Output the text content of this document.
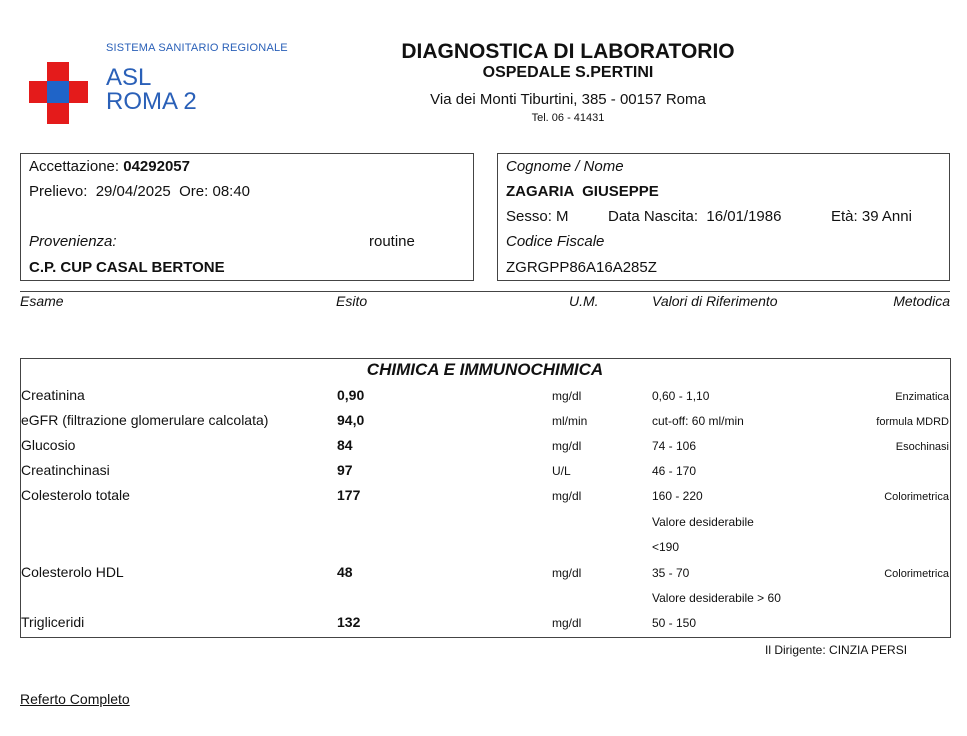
SISTEMA SANITARIO REGIONALE
ASL
ROMA 2
DIAGNOSTICA DI LABORATORIO
OSPEDALE S.PERTINI
Via dei Monti Tiburtini, 385 - 00157 Roma
Tel. 06 - 41431
Accettazione: 04292057
Prelievo: 29/04/2025 Ore: 08:40
Provenienza:	routine
C.P. CUP CASAL BERTONE
Cognome / Nome
ZAGARIA  GIUSEPPE
Sesso: M	Data Nascita: 16/01/1986	Età: 39 Anni
Codice Fiscale
ZGRGPP86A16A285Z
Esame	Esito	U.M.	Valori di Riferimento	Metodica
CHIMICA E IMMUNOCHIMICA
Creatinina	0,90	mg/dl	0,60 - 1,10	Enzimatica
eGFR (filtrazione glomerulare calcolata)	94,0	ml/min	cut-off: 60 ml/min	formula MDRD
Glucosio	84	mg/dl	74 - 106	Esochinasi
Creatinchinasi	97	U/L	46 - 170
Colesterolo totale	177	mg/dl	160 - 220	Colorimetrica
Valore desiderabile
<190
Colesterolo HDL	48	mg/dl	35 - 70	Colorimetrica
Valore desiderabile > 60
Trigliceridi	132	mg/dl	50 - 150
Il Dirigente: CINZIA PERSI
Referto Completo
